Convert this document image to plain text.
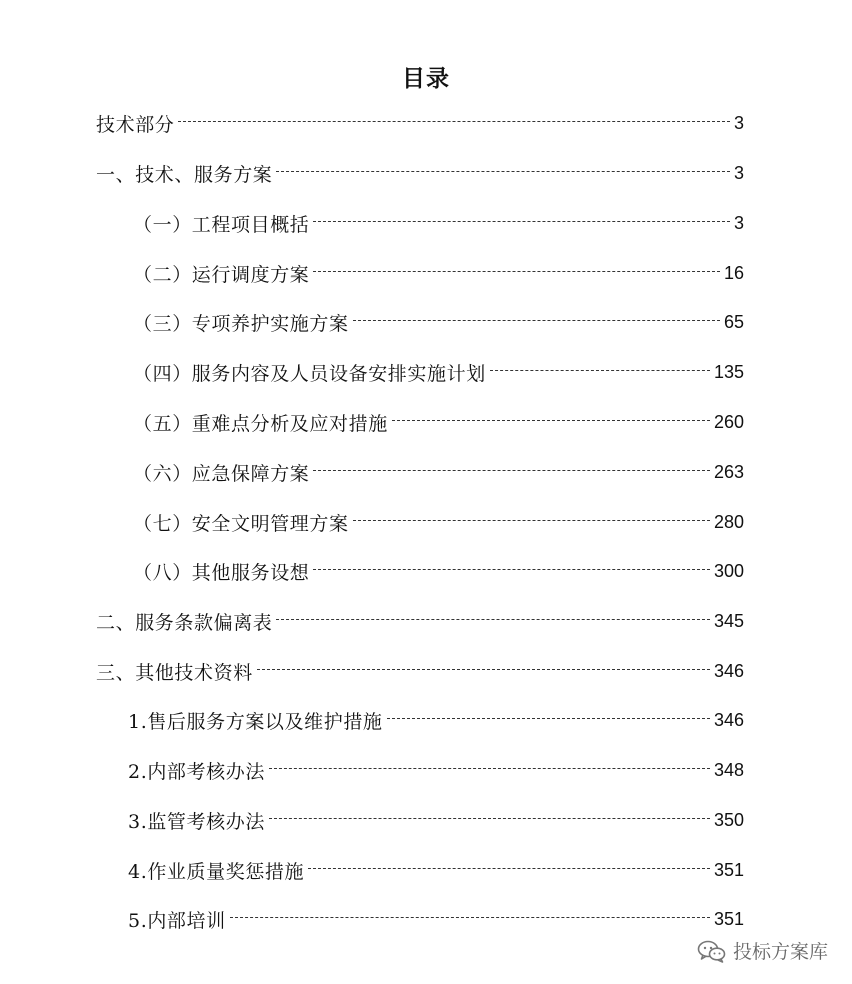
目录
技术部分	3
一、技术、服务方案	3
（一）工程项目概括	3
（二）运行调度方案	16
（三）专项养护实施方案	65
（四）服务内容及人员设备安排实施计划	135
（五）重难点分析及应对措施	260
（六）应急保障方案	263
（七）安全文明管理方案	280
（八）其他服务设想	300
二、服务条款偏离表	345
三、其他技术资料	346
1.售后服务方案以及维护措施	346
2.内部考核办法	348
3.监管考核办法	350
4.作业质量奖惩措施	351
5.内部培训	351
投标方案库
